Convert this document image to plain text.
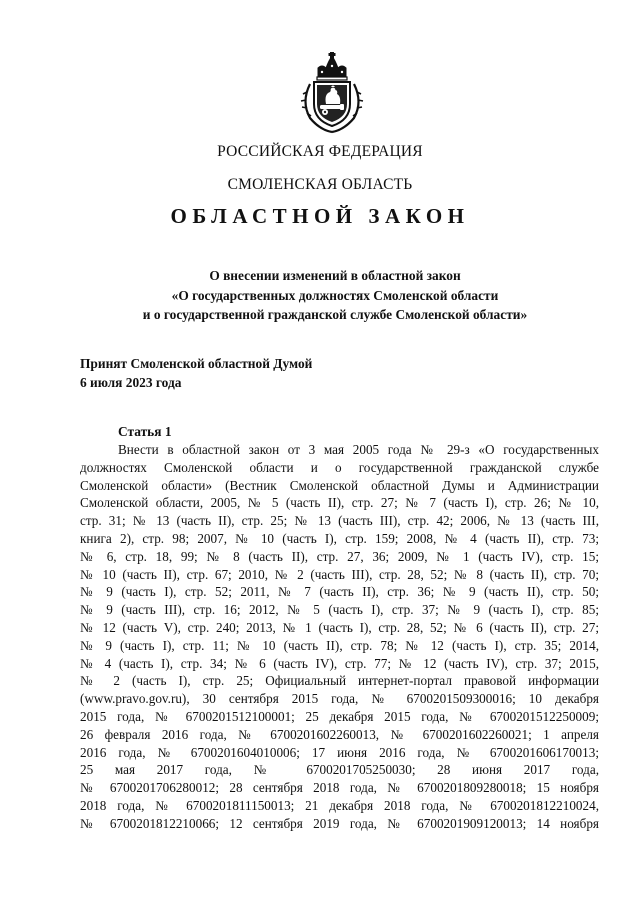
РОССИЙСКАЯ ФЕДЕРАЦИЯ
СМОЛЕНСКАЯ ОБЛАСТЬ
ОБЛАСТНОЙ ЗАКОН
О внесении изменений в областной закон
«О государственных должностях Смоленской области
и о государственной гражданской службе Смоленской области»
Принят Смоленской областной Думой
6 июля 2023 года
Статья 1
Внести в областной закон от 3 мая 2005 года № 29-з «О государственных
должностях Смоленской области и о государственной гражданской службе
Смоленской области» (Вестник Смоленской областной Думы и Администрации
Смоленской области, 2005, № 5 (часть II), стр. 27; № 7 (часть I), стр. 26; № 10,
стр. 31; № 13 (часть II), стр. 25; № 13 (часть III), стр. 42; 2006, № 13 (часть III,
книга 2), стр. 98; 2007, № 10 (часть I), стр. 159; 2008, № 4 (часть II), стр. 73;
№ 6, стр. 18, 99; № 8 (часть II), стр. 27, 36; 2009, № 1 (часть IV), стр. 15;
№ 10 (часть II), стр. 67; 2010, № 2 (часть III), стр. 28, 52; № 8 (часть II), стр. 70;
№ 9 (часть I), стр. 52; 2011, № 7 (часть II), стр. 36; № 9 (часть II), стр. 50;
№ 9 (часть III), стр. 16; 2012, № 5 (часть I), стр. 37; № 9 (часть I), стр. 85;
№ 12 (часть V), стр. 240; 2013, № 1 (часть I), стр. 28, 52; № 6 (часть II), стр. 27;
№ 9 (часть I), стр. 11; № 10 (часть II), стр. 78; № 12 (часть I), стр. 35; 2014,
№ 4 (часть I), стр. 34; № 6 (часть IV), стр. 77; № 12 (часть IV), стр. 37; 2015,
№ 2 (часть I), стр. 25; Официальный интернет-портал правовой информации
(www.pravo.gov.ru), 30 сентября 2015 года, № 6700201509300016; 10 декабря
2015 года, № 6700201512100001; 25 декабря 2015 года, № 6700201512250009;
26 февраля 2016 года, № 6700201602260013, № 6700201602260021; 1 апреля
2016 года, № 6700201604010006; 17 июня 2016 года, № 6700201606170013;
25 мая 2017 года, № 6700201705250030; 28 июня 2017 года,
№ 6700201706280012; 28 сентября 2018 года, № 6700201809280018; 15 ноября
2018 года, № 6700201811150013; 21 декабря 2018 года, № 6700201812210024,
№ 6700201812210066; 12 сентября 2019 года, № 6700201909120013; 14 ноября
